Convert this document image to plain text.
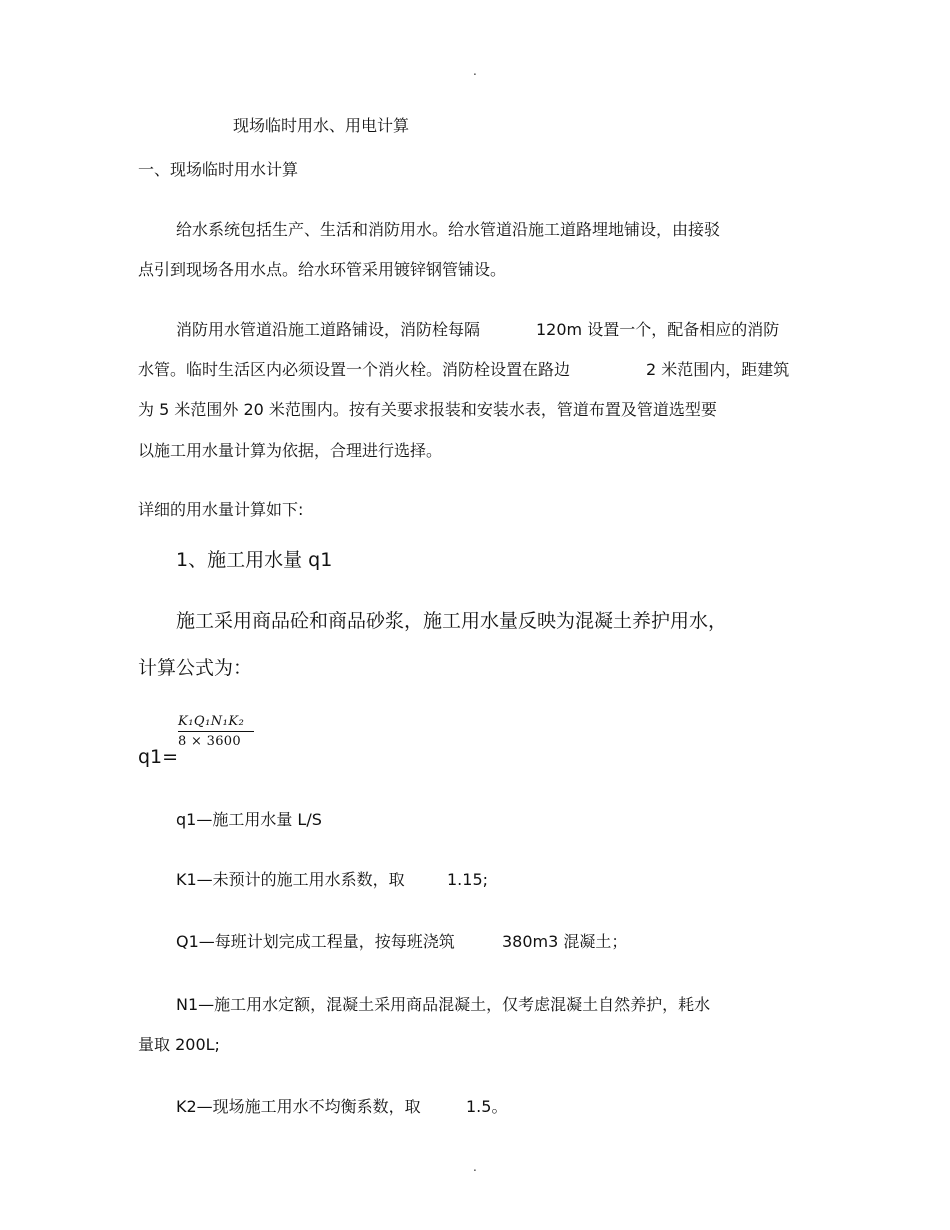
.
现场临时用水、用电计算
一、现场临时用水计算
给水系统包括生产、生活和消防用水。给水管道沿施工道路埋地铺设，由接驳
点引到现场各用水点。给水环管采用镀锌钢管铺设。
消防用水管道沿施工道路铺设，消防栓每隔	120m 设置一个，配备相应的消防
水管。临时生活区内必须设置一个消火栓。消防栓设置在路边	2 米范围内，距建筑
为 5 米范围外 20 米范围内。按有关要求报装和安装水表，管道布置及管道选型要
以施工用水量计算为依据，合理进行选择。
详细的用水量计算如下:
1、施工用水量 q1
施工采用商品砼和商品砂浆，施工用水量反映为混凝土养护用水，
计算公式为：
K₁Q₁N₁K₂
8 × 3600
q1=
q1—施工用水量 L/S
K1—未预计的施工用水系数，取	1.15;
Q1—每班计划完成工程量，按每班浇筑	380m3 混凝土；
N1—施工用水定额，混凝土采用商品混凝土，仅考虑混凝土自然养护，耗水
量取 200L;
K2—现场施工用水不均衡系数，取	1.5。
.
